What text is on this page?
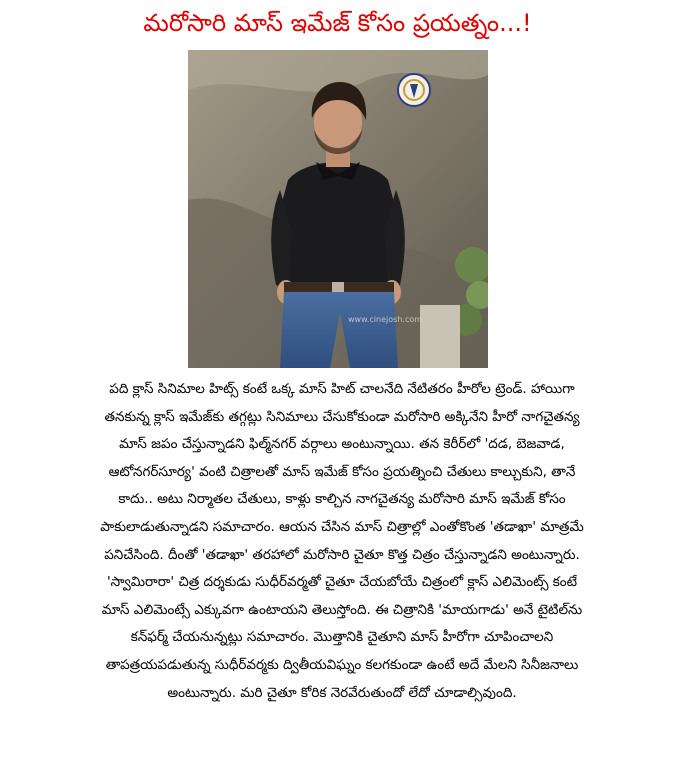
మరోసారి మాస్ ఇమేజ్ కోసం ప్రయత్నం...!
www.cinejosh.com
పది క్లాస్ సినిమాల హిట్స్ కంటే ఒక్క మాస్ హిట్ చాలనేది నేటితరం హీరోల ట్రెండ్. హాయిగా
తనకున్న క్లాస్ ఇమేజ్‌కు తగ్గట్లు సినిమాలు చేసుకోకుండా మరోసారి అక్కినేని హీరో నాగచైతన్య
మాస్ జపం చేస్తున్నాడని ఫిల్మ్‌నగర్ వర్గాలు అంటున్నాయి. తన కెరీర్‌లో 'దడ, బెజవాడ,
ఆటోనగర్‌సూర్య' వంటి చిత్రాలతో మాస్ ఇమేజ్ కోసం ప్రయత్నించి చేతులు కాల్చుకుని, తానే
కాదు.. అటు నిర్మాతల చేతులు, కాళ్లు కాల్చిన నాగచైతన్య మరోసారి మాస్ ఇమేజ్ కోసం
పాకులాడుతున్నాడని సమాచారం. ఆయన చేసిన మాస్ చిత్రాల్లో ఎంతోకొంత 'తడాఖా' మాత్రమే
పనిచేసింది. దీంతో 'తడాఖా' తరహాలో మరోసారి చైతూ కొత్త చిత్రం చేస్తున్నాడని అంటున్నారు.
'స్వామిరారా' చిత్ర దర్శకుడు సుధీర్‌వర్మతో చైతూ చేయబోయే చిత్రంలో క్లాస్ ఎలిమెంట్స్ కంటే
మాస్ ఎలిమెంట్సే ఎక్కువగా ఉంటాయని తెలుస్తోంది. ఈ చిత్రానికి 'మాయగాడు' అనే టైటిల్‌ను
కన్‌ఫర్మ్ చేయనున్నట్లు సమాచారం. మొత్తానికి చైతూని మాస్ హీరోగా చూపించాలని
తాపత్రయపడుతున్న సుధీర్‌వర్మకు ద్వితీయవిఘ్నం కలగకుండా ఉంటే అదే మేలని సినీజనాలు
అంటున్నారు. మరి చైతూ కోరిక నెరవేరుతుందో లేదో చూడాల్సివుంది.
